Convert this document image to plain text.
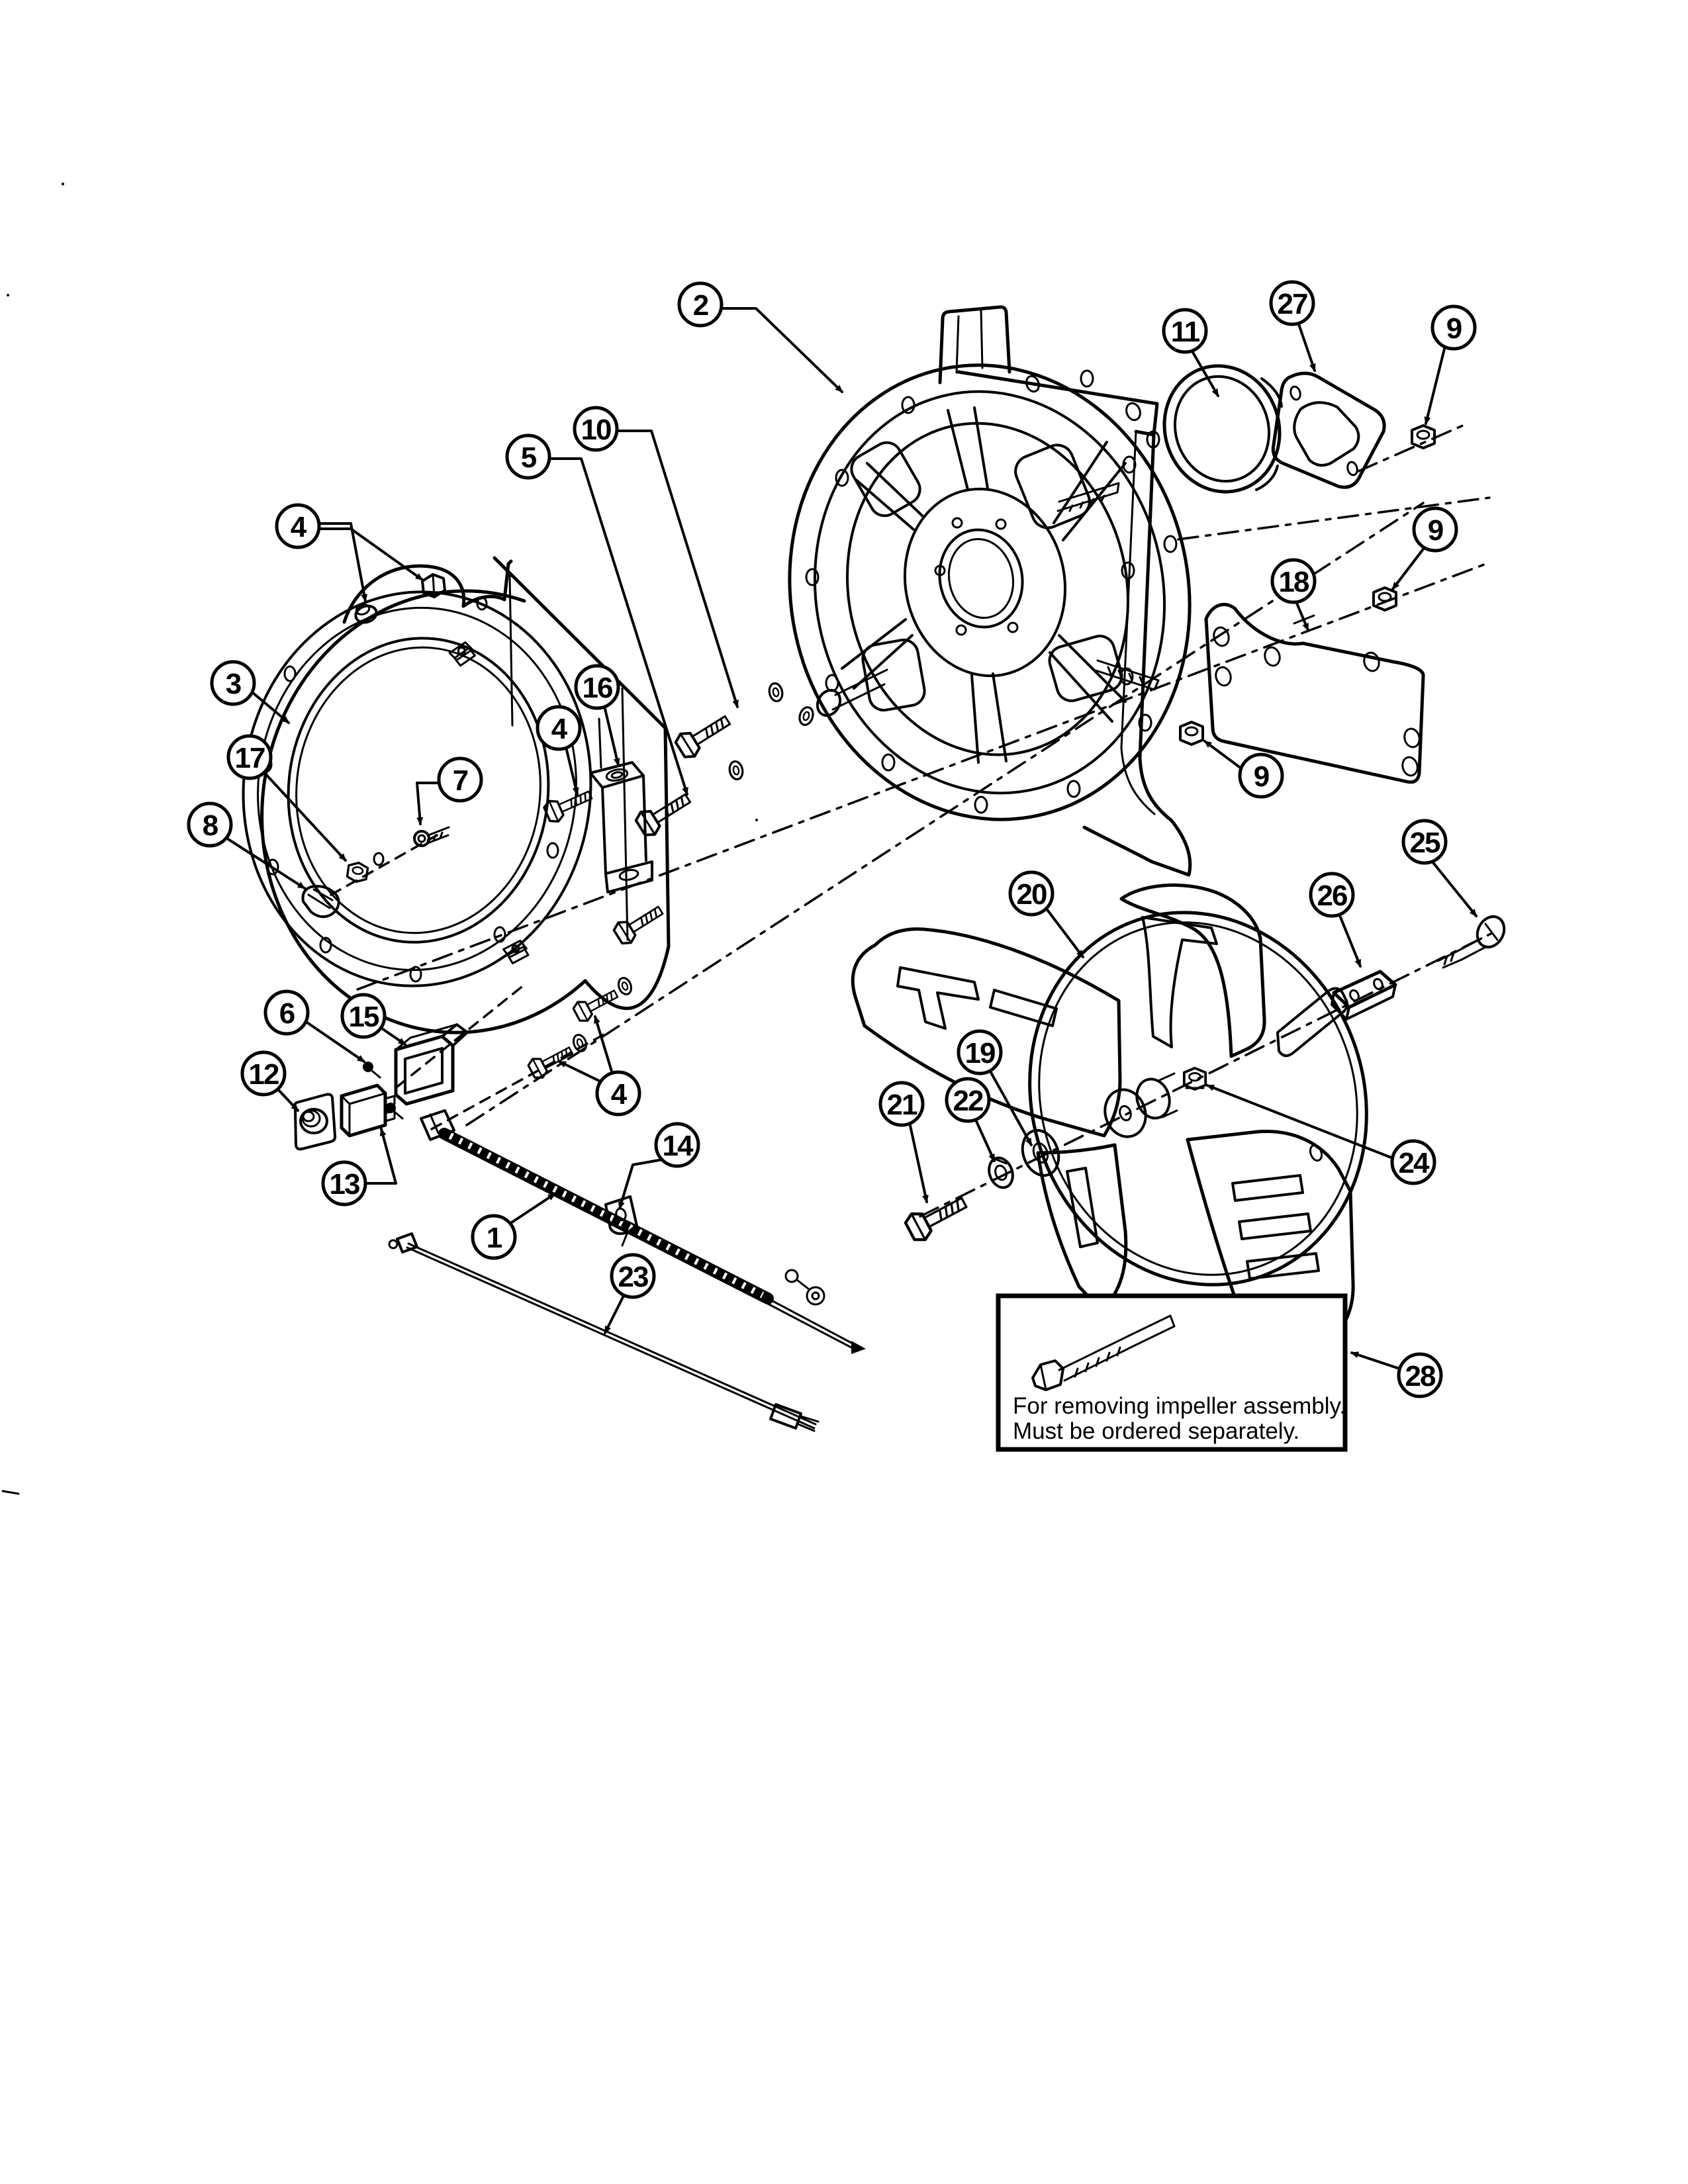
For removing impeller assembly.
Must be ordered separately.
1
2
3
4
4
4
5
6
7
8
9
9
9
10
11
12
13
14
15
16
17
18
19
20
21 22
23
24
25
26
27
28
